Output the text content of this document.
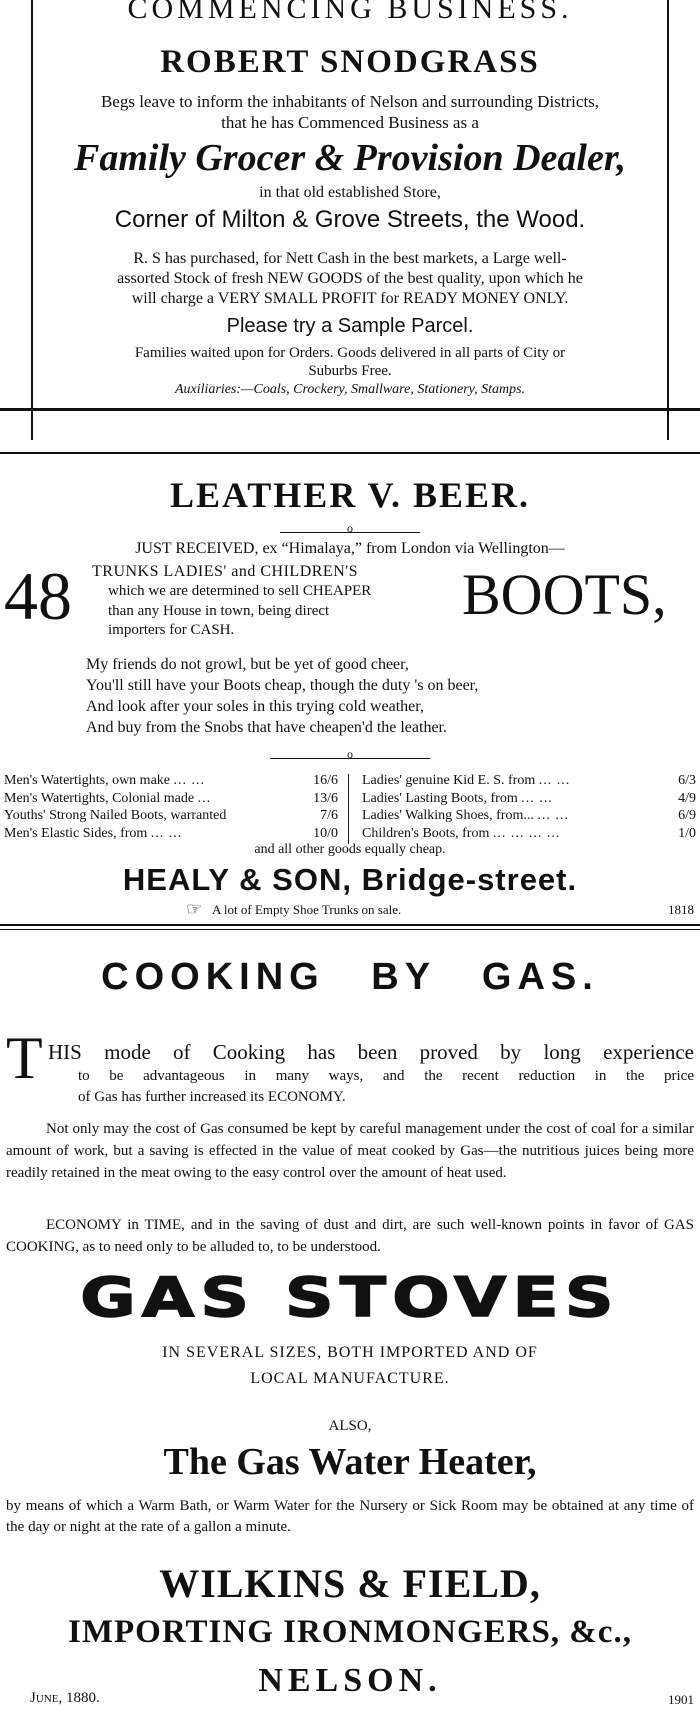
COMMENCING BUSINESS.
ROBERT SNODGRASS
Begs leave to inform the inhabitants of Nelson and surrounding Districts,
that he has Commenced Business as a
Family Grocer & Provision Dealer,
in that old established Store,
Corner of Milton & Grove Streets, the Wood.
R. S has purchased, for Nett Cash in the best markets, a Large well-
assorted Stock of fresh NEW GOODS of the best quality, upon which he
will charge a VERY SMALL PROFIT for READY MONEY ONLY.
Please try a Sample Parcel.
Families waited upon for Orders. Goods delivered in all parts of City or
Suburbs Free.
Auxiliaries:—Coals, Crockery, Smallware, Stationery, Stamps.
LEATHER V. BEER.
o
JUST RECEIVED, ex “Himalaya,” from London via Wellington—
48 TRUNKS LADIES' and CHILDREN'S
which we are determined to sell CHEAPER
than any House in town, being direct
importers for CASH.
BOOTS,
My friends do not growl, but be yet of good cheer,
You'll still have your Boots cheap, though the duty 's on beer,
And look after your soles in this trying cold weather,
And buy from the Snobs that have cheapen'd the leather.
o
Men's Watertights, own make ... ...	16/6
Men's Watertights, Colonial made ...	13/6
Youths' Strong Nailed Boots, warranted	7/6
Men's Elastic Sides, from ... ...	10/0
Ladies' genuine Kid E. S. from ... ...	6/3
Ladies' Lasting Boots, from ... ...	4/9
Ladies' Walking Shoes, from... ... ...	6/9
Children's Boots, from ... ... ... ...	1/0
and all other goods equally cheap.
HEALY & SON, Bridge-street.
☞ A lot of Empty Shoe Trunks on sale.	1818
COOKING BY GAS.
T HIS mode of Cooking has been proved by long experience
to be advantageous in many ways, and the recent reduction in the price
of Gas has further increased its ECONOMY.
Not only may the cost of Gas consumed be kept by careful management under the cost of coal for a similar amount of work, but a saving is effected in the value of meat cooked by Gas—the nutritious juices being more readily retained in the meat owing to the easy control over the amount of heat used.
ECONOMY in TIME, and in the saving of dust and dirt, are such well-known points in favor of GAS COOKING, as to need only to be alluded to, to be understood.
GAS STOVES
IN SEVERAL SIZES, BOTH IMPORTED AND OF
LOCAL MANUFACTURE.
ALSO,
The Gas Water Heater,
by means of which a Warm Bath, or Warm Water for the Nursery or Sick Room may be obtained at any time of the day or night at the rate of a gallon a minute.
WILKINS & FIELD,
IMPORTING IRONMONGERS, &c.,
June, 1880.	NELSON.
1901
